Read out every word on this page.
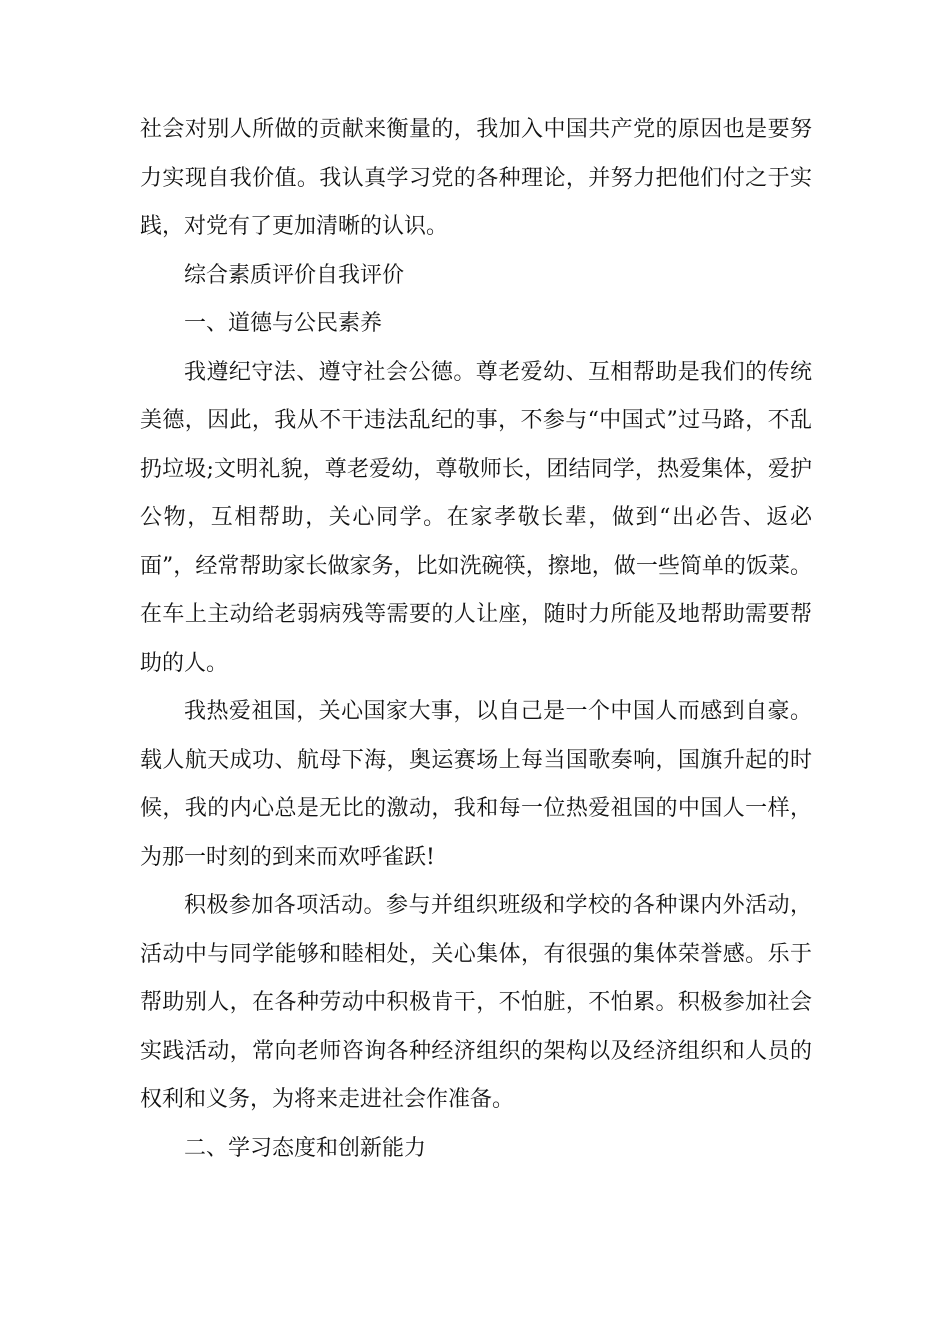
社会对别人所做的贡献来衡量的，我加入中国共产党的原因也是要努力实现自我价值。我认真学习党的各种理论，并努力把他们付之于实践，对党有了更加清晰的认识。

综合素质评价自我评价

一、道德与公民素养

我遵纪守法、遵守社会公德。尊老爱幼、互相帮助是我们的传统美德，因此，我从不干违法乱纪的事，不参与“中国式”过马路，不乱扔垃圾;文明礼貌，尊老爱幼，尊敬师长，团结同学，热爱集体，爱护公物，互相帮助，关心同学。在家孝敬长辈，做到“出必告、返必面”，经常帮助家长做家务，比如洗碗筷，擦地，做一些简单的饭菜。在车上主动给老弱病残等需要的人让座，随时力所能及地帮助需要帮助的人。

我热爱祖国，关心国家大事，以自己是一个中国人而感到自豪。载人航天成功、航母下海，奥运赛场上每当国歌奏响，国旗升起的时候，我的内心总是无比的激动，我和每一位热爱祖国的中国人一样，为那一时刻的到来而欢呼雀跃!

积极参加各项活动。参与并组织班级和学校的各种课内外活动，活动中与同学能够和睦相处，关心集体，有很强的集体荣誉感。乐于帮助别人，在各种劳动中积极肯干，不怕脏，不怕累。积极参加社会实践活动，常向老师咨询各种经济组织的架构以及经济组织和人员的权利和义务，为将来走进社会作准备。

二、学习态度和创新能力
